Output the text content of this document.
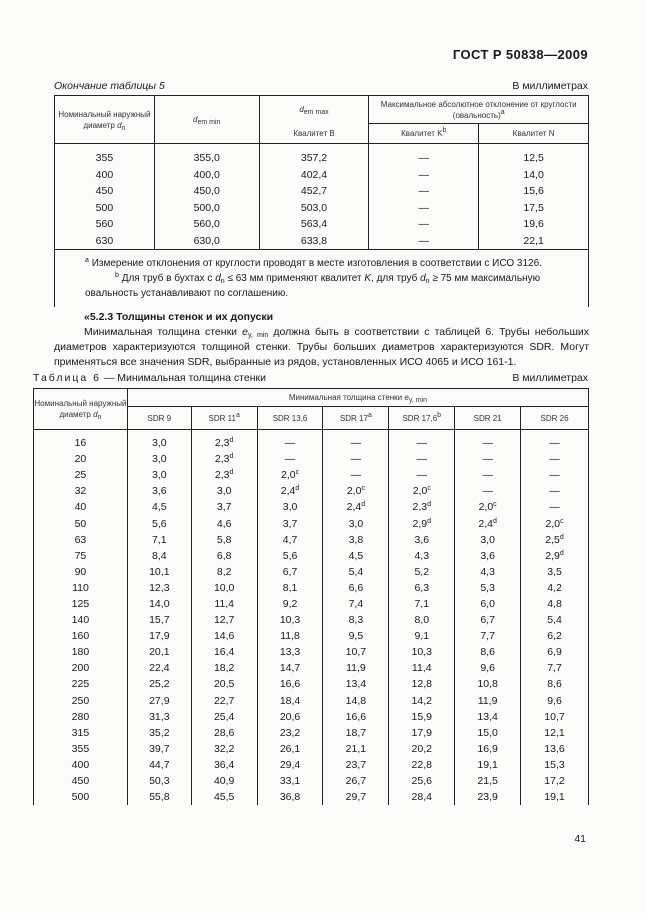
ГОСТ Р 50838—2009
Окончание таблицы 5	В миллиметрах
Номинальный наружный диаметр $d_n$	$d_{em min}$	$d_{em max}$	Максимальное абсолютное отклонение от круглости (овальность)$^a$
		Квалитет B	Квалитет $K^b$	Квалитет N
355	355,0	357,2	—	12,5
400	400,0	402,4	—	14,0
450	450,0	452,7	—	15,6
500	500,0	503,0	—	17,5
560	560,0	563,4	—	19,6
630	630,0	633,8	—	22,1

$^a$ Измерение отклонения от круглости проводят в месте изготовления в соответствии с ИСО 3126.
$^b$ Для труб в бухтах с $d_n \le 63$ мм применяют квалитет K, для труб $d_n \ge 75$ мм максимальную овальность устанавливают по соглашению.				
«5.2.3 Толщины стенок и их допуски
Минимальная толщина стенки $e_{y, min}$ должна быть в соответствии с таблицей 6. Трубы небольших диаметров характеризуются толщиной стенки. Трубы больших диаметров характеризуются SDR. Могут применяться все значения SDR, выбранные из рядов, установленных ИСО 4065 и ИСО 161-1.
Таблица 6 — Минимальная толщина стенки	В миллиметрах
Номинальный наружный диаметр $d_n$	Минимальная толщина стенки $e_{y, min}$
	SDR 9	SDR 11$^a$	SDR 13,6	SDR 17$^a$	SDR 17,6$^b$	SDR 21	SDR 26
16	3,0	2,3$^d$	—	—	—	—	—
20	3,0	2,3$^d$	—	—	—	—	—
25	3,0	2,3$^d$	2,0$^c$	—	—	—	—
32	3,6	3,0	2,4$^d$	2,0$^c$	2,0$^c$	—	—
40	4,5	3,7	3,0	2,4$^d$	2,3$^d$	2,0$^c$	—
50	5,6	4,6	3,7	3,0	2,9$^d$	2,4$^d$	2,0$^c$
63	7,1	5,8	4,7	3,8	3,6	3,0	2,5$^d$
75	8,4	6,8	5,6	4,5	4,3	3,6	2,9$^d$
90	10,1	8,2	6,7	5,4	5,2	4,3	3,5
110	12,3	10,0	8,1	6,6	6,3	5,3	4,2
125	14,0	11,4	9,2	7,4	7,1	6,0	4,8
140	15,7	12,7	10,3	8,3	8,0	6,7	5,4
160	17,9	14,6	11,8	9,5	9,1	7,7	6,2
180	20,1	16,4	13,3	10,7	10,3	8,6	6,9
200	22,4	18,2	14,7	11,9	11,4	9,6	7,7
225	25,2	20,5	16,6	13,4	12,8	10,8	8,6
250	27,9	22,7	18,4	14,8	14,2	11,9	9,6
280	31,3	25,4	20,6	16,6	15,9	13,4	10,7
315	35,2	28,6	23,2	18,7	17,9	15,0	12,1
355	39,7	32,2	26,1	21,1	20,2	16,9	13,6
400	44,7	36,4	29,4	23,7	22,8	19,1	15,3
450	50,3	40,9	33,1	26,7	25,6	21,5	17,2
500	55,8	45,5	36,8	29,7	28,4	23,9	19,1
41
